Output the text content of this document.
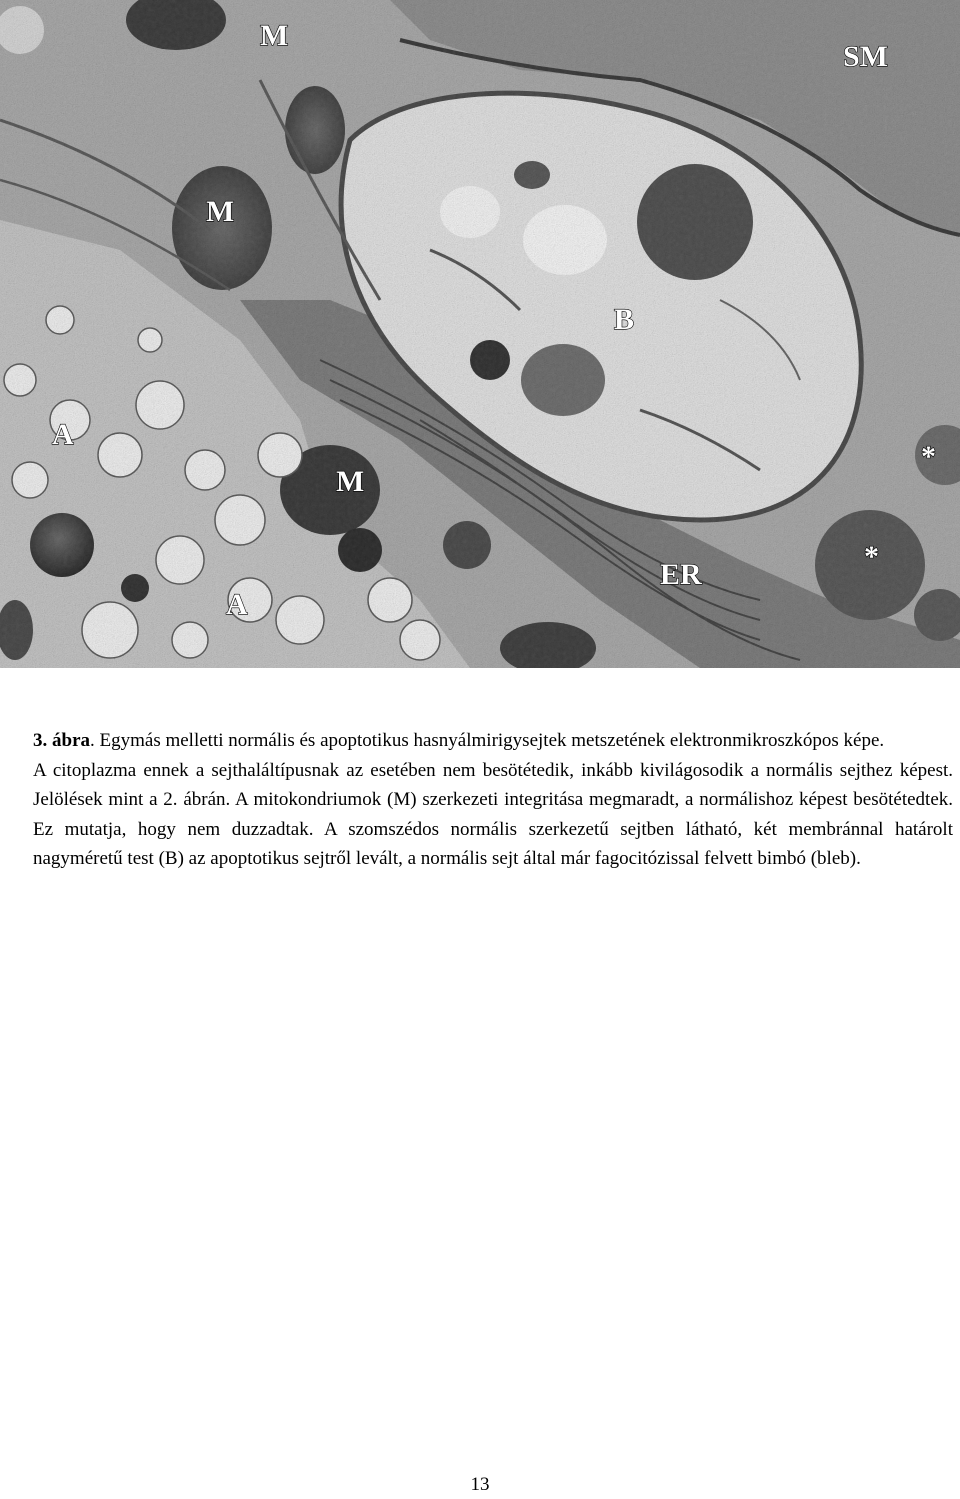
M
SM
M
B
A
*
M
*
A
ER

3. ábra. Egymás melletti normális és apoptotikus hasnyálmirigysejtek metszetének elektronmikroszkópos képe.

A citoplazma ennek a sejthaláltípusnak az esetében nem besötétedik, inkább kivilágosodik a normális sejthez képest. Jelölések mint a 2. ábrán. A mitokondriumok (M) szerkezeti integritása megmaradt, a normálishoz képest besötétedtek. Ez mutatja, hogy nem duzzadtak. A szomszédos normális szerkezetű sejtben látható, két membránnal határolt nagyméretű test (B) az apoptotikus sejtről levált, a normális sejt által már fagocitózissal felvett bimbó (bleb).

13
